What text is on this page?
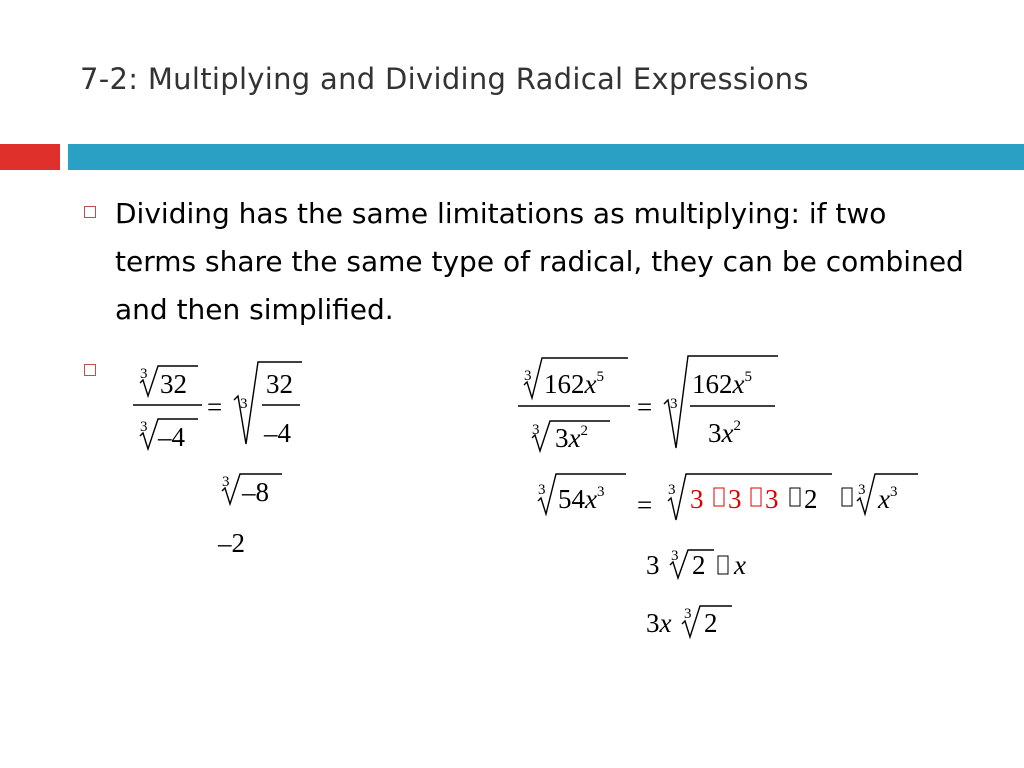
7-2: Multiplying and Dividing Radical Expressions
Dividing has the same limitations as multiplying: if two terms share the same type of radical, they can be combined and then simplified.
3 32
3 –4
= 3
32
–4
3 –8
–2
3 $162x^5$
3 $3x^2$
= 3
$162x^5$
$3x^2$
3 $54x^3 = 3$ 3 3 3 2	3 $x^3$
3 3 2 x
3x 3 2
